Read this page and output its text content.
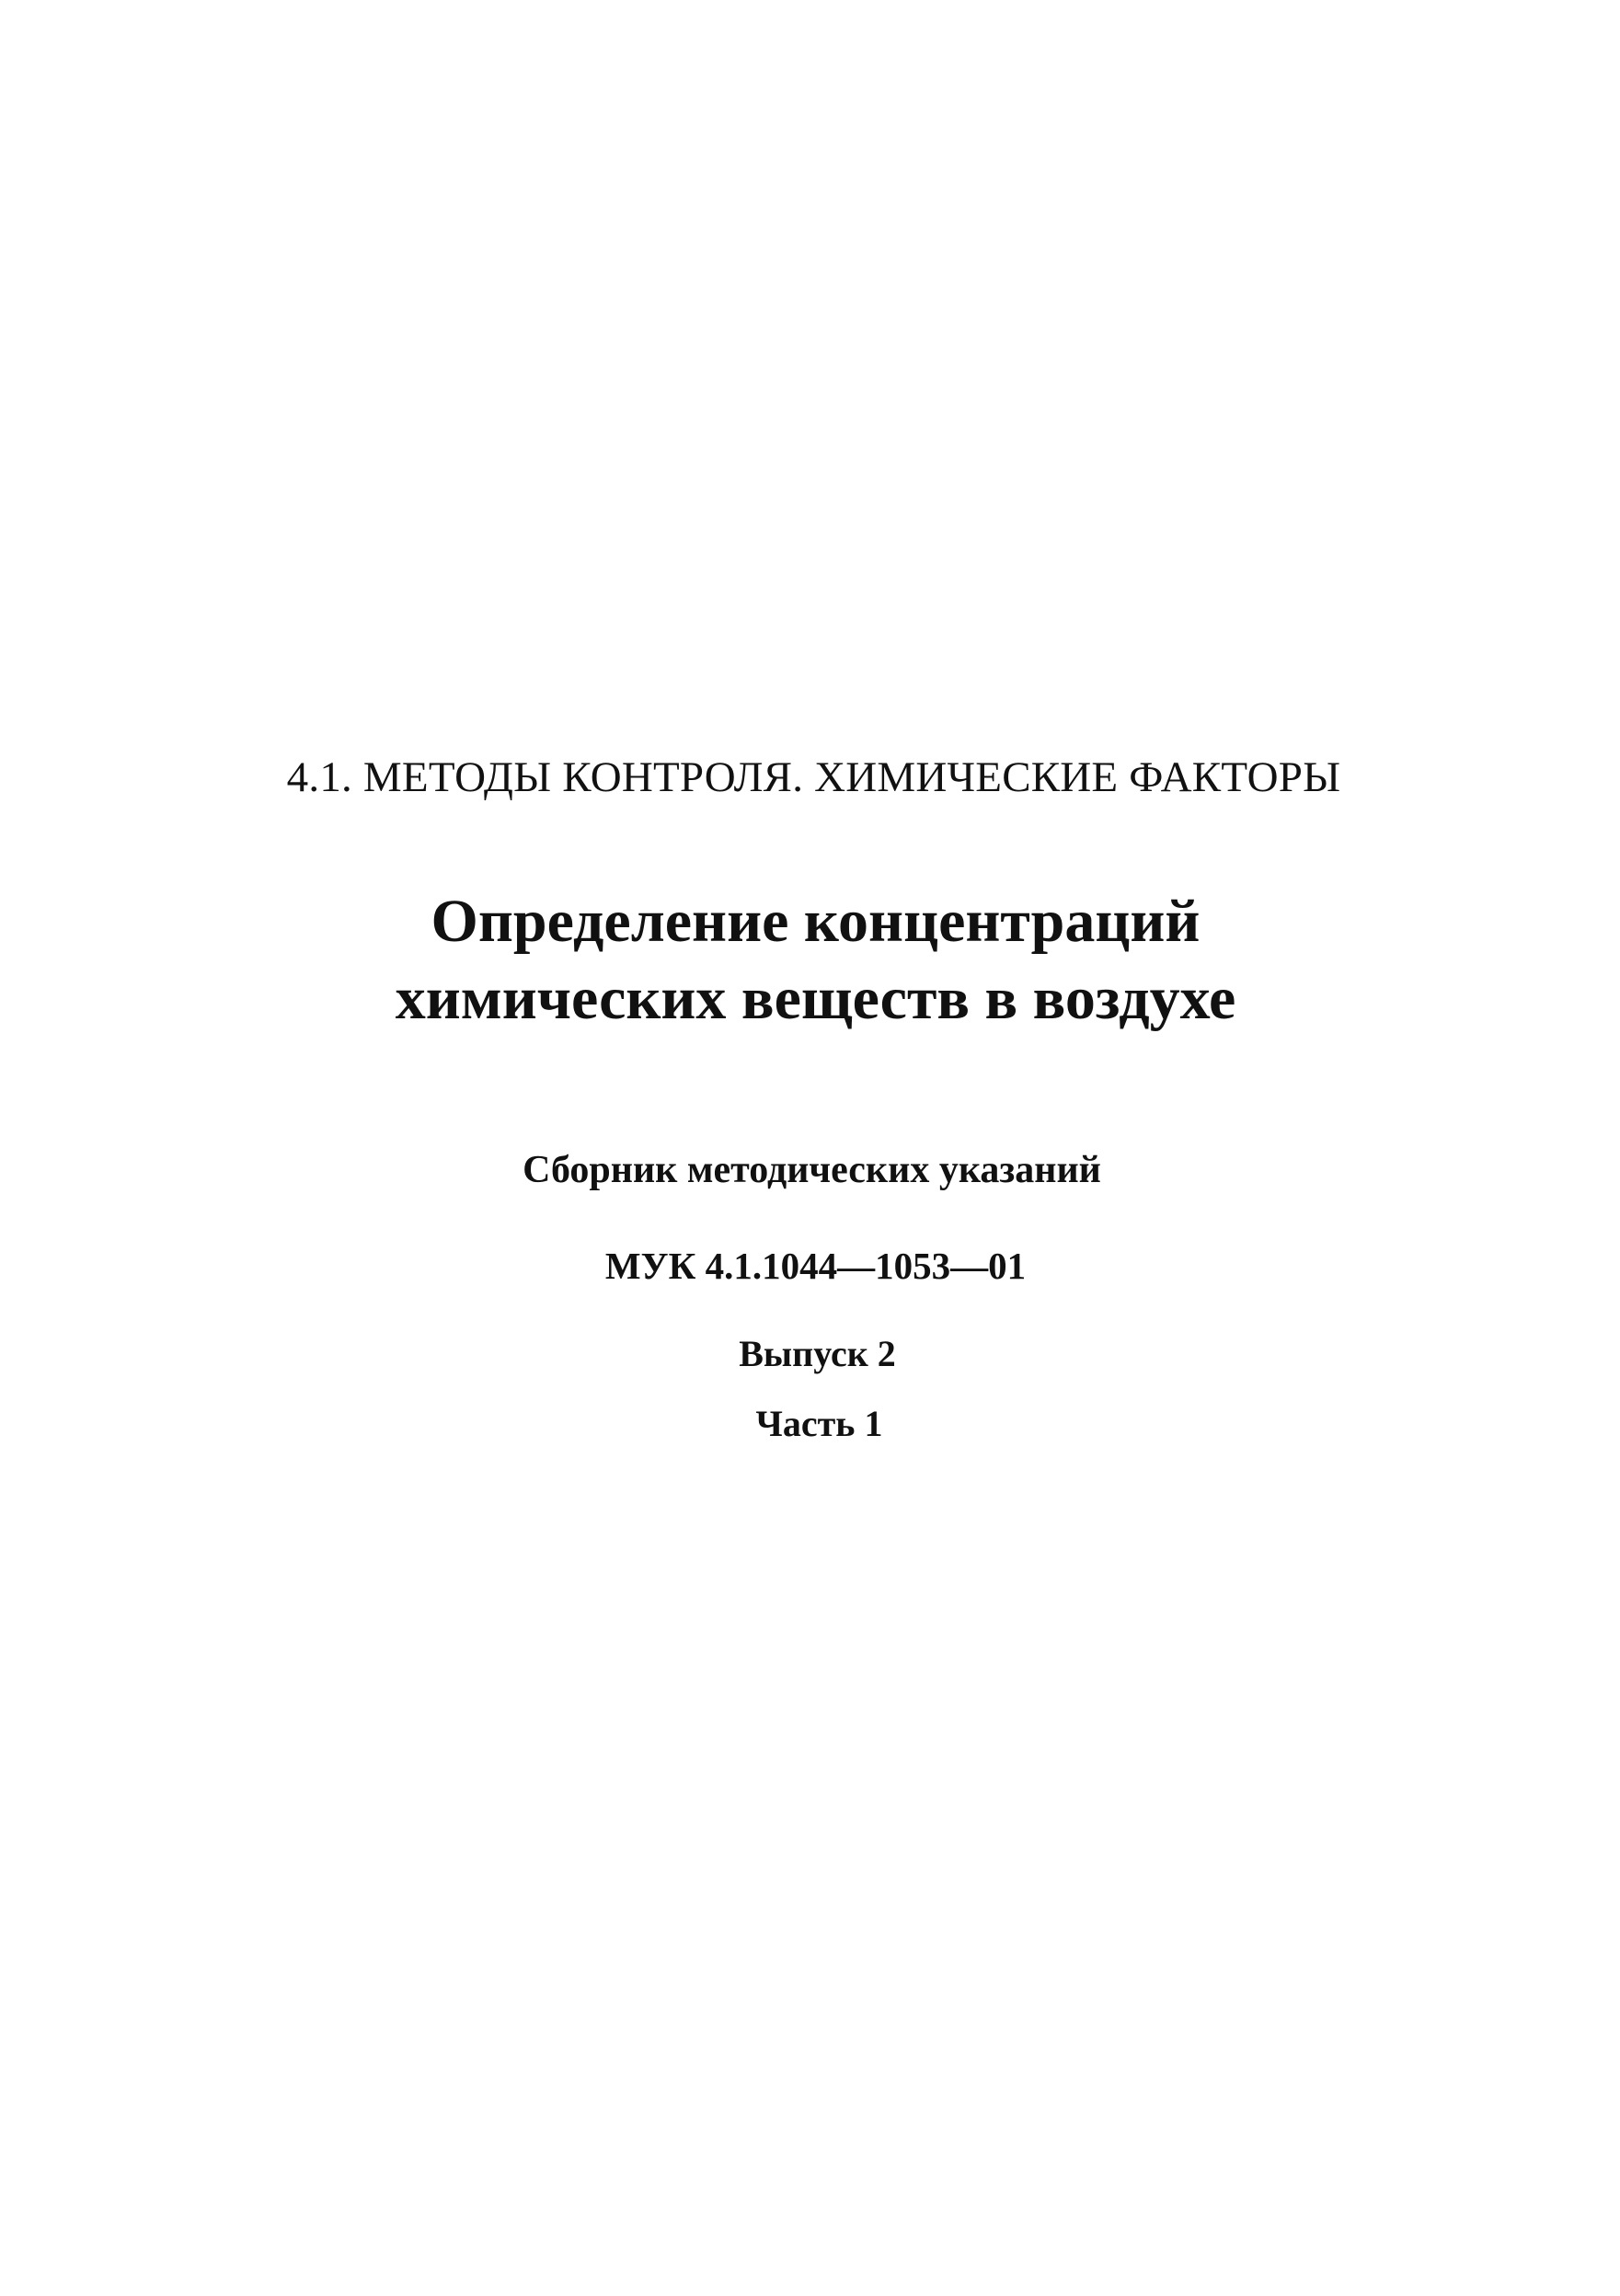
4.1. МЕТОДЫ КОНТРОЛЯ. ХИМИЧЕСКИЕ ФАКТОРЫ
Определение концентраций
химических веществ в воздухе
Сборник методических указаний
МУК 4.1.1044—1053—01
Выпуск 2
Часть 1
